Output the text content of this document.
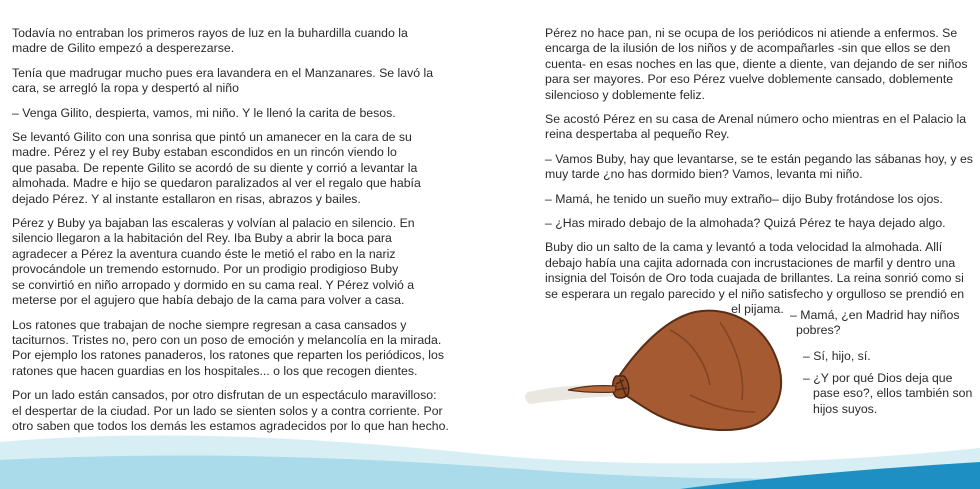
Todavía no entraban los primeros rayos de luz en la buhardilla cuando la
madre de Gilito empezó a desperezarse.

Tenía que madrugar mucho pues era lavandera en el Manzanares. Se lavó la
cara, se arregló la ropa y despertó al niño

– Venga Gilito, despierta, vamos, mi niño. Y le llenó la carita de besos.

Se levantó Gilito con una sonrisa que pintó un amanecer en la cara de su
madre. Pérez y el rey Buby estaban escondidos en un rincón viendo lo
que pasaba. De repente Gilito se acordó de su diente y corrió a levantar la
almohada. Madre e hijo se quedaron paralizados al ver el regalo que había
dejado Pérez. Y al instante estallaron en risas, abrazos y bailes.

Pérez y Buby ya bajaban las escaleras y volvían al palacio en silencio. En
silencio llegaron a la habitación del Rey. Iba Buby a abrir la boca para
agradecer a Pérez la aventura cuando éste le metió el rabo en la nariz
provocándole un tremendo estornudo. Por un prodigio prodigioso Buby
se convirtió en niño arropado y dormido en su cama real. Y Pérez volvió a
meterse por el agujero que había debajo de la cama para volver a casa.

Los ratones que trabajan de noche siempre regresan a casa cansados y
taciturnos. Tristes no, pero con un poso de emoción y melancolía en la mirada.
Por ejemplo los ratones panaderos, los ratones que reparten los periódicos, los
ratones que hacen guardias en los hospitales... o los que recogen dientes.

Por un lado están cansados, por otro disfrutan de un espectáculo maravilloso:
el despertar de la ciudad. Por un lado se sienten solos y a contra corriente. Por
otro saben que todos los demás les estamos agradecidos por lo que han hecho.

Pérez no hace pan, ni se ocupa de los periódicos ni atiende a enfermos. Se
encarga de la ilusión de los niños y de acompañarles -sin que ellos se den
cuenta- en esas noches en las que, diente a diente, van dejando de ser niños
para ser mayores. Por eso Pérez vuelve doblemente cansado, doblemente
silencioso y doblemente feliz.

Se acostó Pérez en su casa de Arenal número ocho mientras en el Palacio la
reina despertaba al pequeño Rey.

– Vamos Buby, hay que levantarse, se te están pegando las sábanas hoy, y es
muy tarde ¿no has dormido bien? Vamos, levanta mi niño.

– Mamá, he tenido un sueño muy extraño– dijo Buby frotándose los ojos.

– ¿Has mirado debajo de la almohada? Quizá Pérez te haya dejado algo.

Buby dio un salto de la cama y levantó a toda velocidad la almohada. Allí
debajo había una cajita adornada con incrustaciones de marfil y dentro una
insignia del Toisón de Oro toda cuajada de brillantes. La reina sonrió como si
se esperara un regalo parecido y el niño satisfecho y orgulloso se prendió en
el pijama. – Mamá, ¿en Madrid hay niños
pobres?
– Sí, hijo, sí.
– ¿Y por qué Dios deja que
pase eso?, ellos también son
hijos suyos.
